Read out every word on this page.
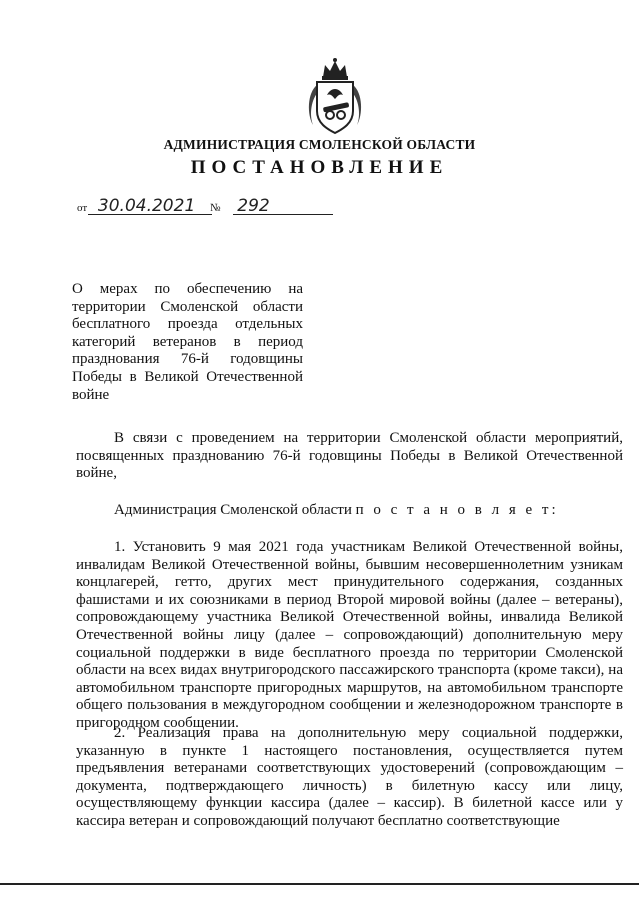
АДМИНИСТРАЦИЯ СМОЛЕНСКОЙ ОБЛАСТИ
ПОСТАНОВЛЕНИЕ
от 30.04.2021 № 292
О мерах по обеспечению на
территории Смоленской области
бесплатного проезда отдельных
категорий ветеранов в период
празднования 76-й годовщины
Победы в Великой Отечественной
войне
В связи с проведением на территории Смоленской области мероприятий, посвященных празднованию 76-й годовщины Победы в Великой Отечественной войне,
Администрация Смоленской области п о с т а н о в л я е т:
1. Установить 9 мая 2021 года участникам Великой Отечественной войны, инвалидам Великой Отечественной войны, бывшим несовершеннолетним узникам концлагерей, гетто, других мест принудительного содержания, созданных фашистами и их союзниками в период Второй мировой войны (далее – ветераны), сопровождающему участника Великой Отечественной войны, инвалида Великой Отечественной войны лицу (далее – сопровождающий) дополнительную меру социальной поддержки в виде бесплатного проезда по территории Смоленской области на всех видах внутригородского пассажирского транспорта (кроме такси), на автомобильном транспорте пригородных маршрутов, на автомобильном транспорте общего пользования в междугородном сообщении и железнодорожном транспорте в пригородном сообщении.
2. Реализация права на дополнительную меру социальной поддержки, указанную в пункте 1 настоящего постановления, осуществляется путем предъявления ветеранами соответствующих удостоверений (сопровождающим – документа, подтверждающего личность) в билетную кассу или лицу, осуществляющему функции кассира (далее – кассир). В билетной кассе или у кассира ветеран и сопровождающий получают бесплатно соответствующие
